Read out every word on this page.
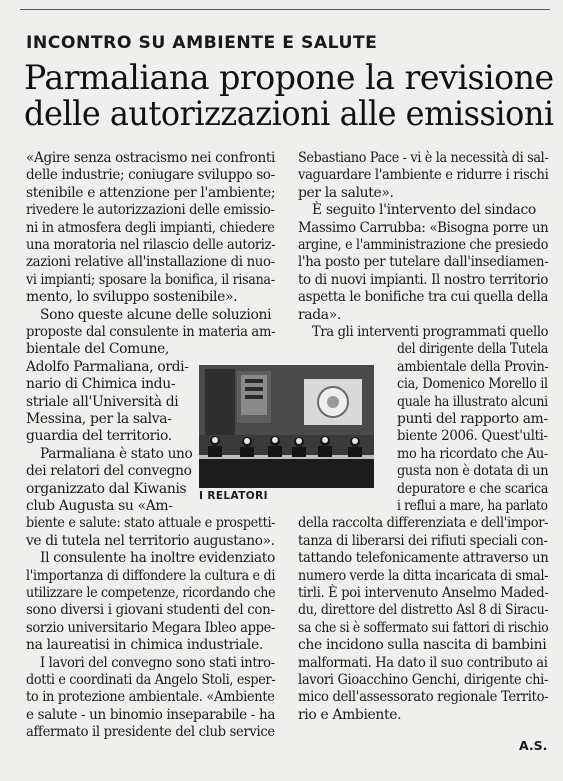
INCONTRO SU AMBIENTE E SALUTE
Parmaliana propone la revisione
delle autorizzazioni alle emissioni
«Agire senza ostracismo nei confronti
delle industrie; coniugare sviluppo so-
stenibile e attenzione per l'ambiente;
rivedere le autorizzazioni delle emissio-
ni in atmosfera degli impianti, chiedere
una moratoria nel rilascio delle autoriz-
zazioni relative all'installazione di nuo-
vi impianti; sposare la bonifica, il risana-
mento, lo sviluppo sostenibile».
Sono queste alcune delle soluzioni
proposte dal consulente in materia am-
bientale del Comune,
Adolfo Parmaliana, ordi-
nario di Chimica indu-
striale all'Università di
Messina, per la salva-
guardia del territorio.
Parmaliana è stato uno
dei relatori del convegno
organizzato dal Kiwanis
club Augusta su «Am-
biente e salute: stato attuale e prospetti-
ve di tutela nel territorio augustano».
Il consulente ha inoltre evidenziato
l'importanza di diffondere la cultura e di
utilizzare le competenze, ricordando che
sono diversi i giovani studenti del con-
sorzio universitario Megara Ibleo appe-
na laureatisi in chimica industriale.
I lavori del convegno sono stati intro-
dotti e coordinati da Angelo Stoli, esper-
to in protezione ambientale. «Ambiente
e salute - un binomio inseparabile - ha
affermato il presidente del club service
Sebastiano Pace - vi è la necessità di sal-
vaguardare l'ambiente e ridurre i rischi
per la salute».
È seguito l'intervento del sindaco
Massimo Carrubba: «Bisogna porre un
argine, e l'amministrazione che presiedo
l'ha posto per tutelare dall'insediamen-
to di nuovi impianti. Il nostro territorio
aspetta le bonifiche tra cui quella della
rada».
Tra gli interventi programmati quello
del dirigente della Tutela
ambientale della Provin-
cia, Domenico Morello il
quale ha illustrato alcuni
punti del rapporto am-
biente 2006. Quest'ulti-
mo ha ricordato che Au-
gusta non è dotata di un
depuratore e che scarica
i reflui a mare, ha parlato
della raccolta differenziata e dell'impor-
tanza di liberarsi dei rifiuti speciali con-
tattando telefonicamente attraverso un
numero verde la ditta incaricata di smal-
tirli. È poi intervenuto Anselmo Maded-
du, direttore del distretto Asl 8 di Siracu-
sa che si è soffermato sui fattori di rischio
che incidono sulla nascita di bambini
malformati. Ha dato il suo contributo ai
lavori Gioacchino Genchi, dirigente chi-
mico dell'assessorato regionale Territo-
rio e Ambiente.
I RELATORI
A.S.
